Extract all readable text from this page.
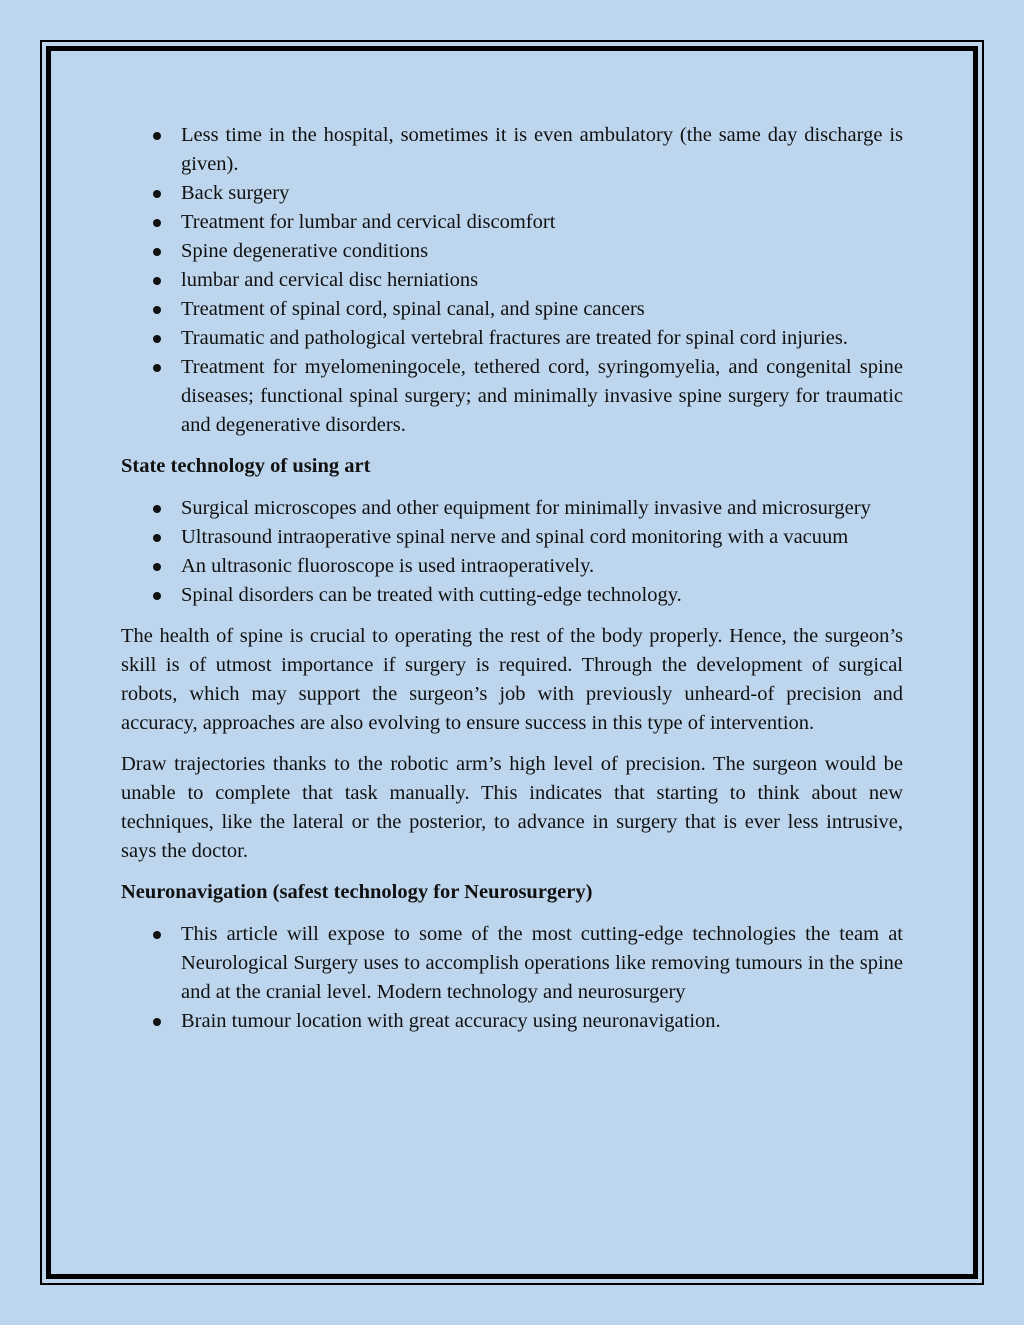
Less time in the hospital, sometimes it is even ambulatory (the same day discharge is given).
Back surgery
Treatment for lumbar and cervical discomfort
Spine degenerative conditions
lumbar and cervical disc herniations
Treatment of spinal cord, spinal canal, and spine cancers
Traumatic and pathological vertebral fractures are treated for spinal cord injuries.
Treatment for myelomeningocele, tethered cord, syringomyelia, and congenital spine diseases; functional spinal surgery; and minimally invasive spine surgery for traumatic and degenerative disorders.
State technology of using art
Surgical microscopes and other equipment for minimally invasive and microsurgery
Ultrasound intraoperative spinal nerve and spinal cord monitoring with a vacuum
An ultrasonic fluoroscope is used intraoperatively.
Spinal disorders can be treated with cutting-edge technology.

The health of spine is crucial to operating the rest of the body properly. Hence, the surgeon’s skill is of utmost importance if surgery is required. Through the development of surgical robots, which may support the surgeon’s job with previously unheard-of precision and accuracy, approaches are also evolving to ensure success in this type of intervention.

Draw trajectories thanks to the robotic arm’s high level of precision. The surgeon would be unable to complete that task manually. This indicates that starting to think about new techniques, like the lateral or the posterior, to advance in surgery that is ever less intrusive, says the doctor.

Neuronavigation (safest technology for Neurosurgery)
This article will expose to some of the most cutting-edge technologies the team at Neurological Surgery uses to accomplish operations like removing tumours in the spine and at the cranial level. Modern technology and neurosurgery
Brain tumour location with great accuracy using neuronavigation.
